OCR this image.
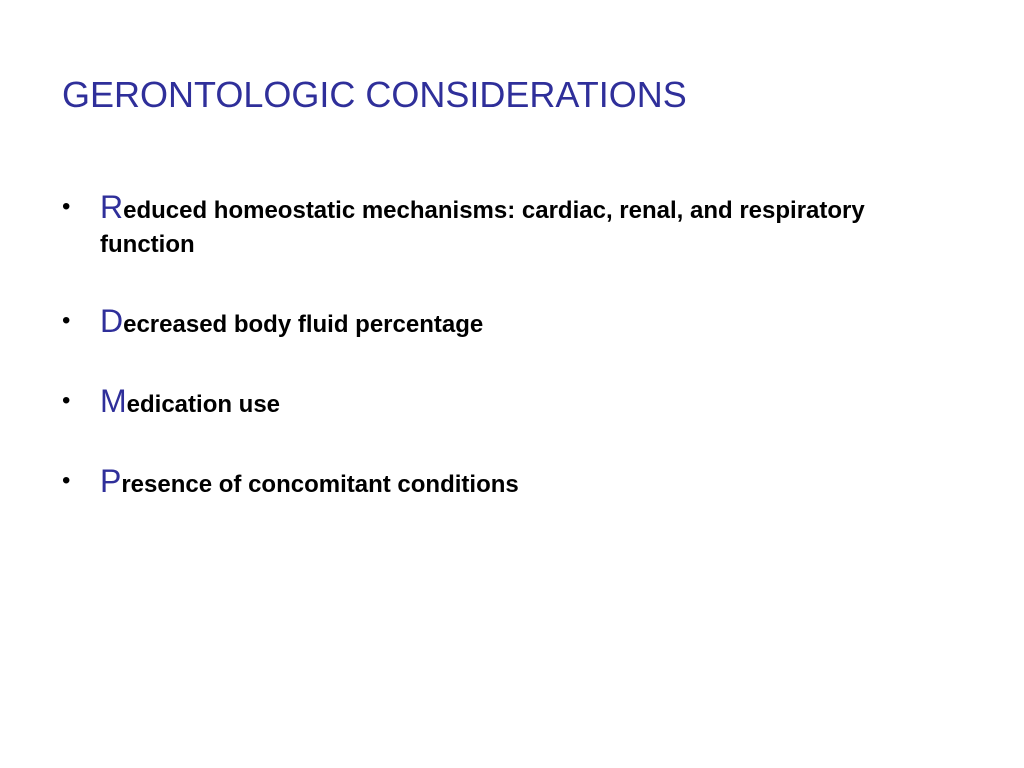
GERONTOLOGIC CONSIDERATIONS
• Reduced homeostatic mechanisms: cardiac, renal, and respiratory function
• Decreased body fluid percentage
• Medication use
• Presence of concomitant conditions
